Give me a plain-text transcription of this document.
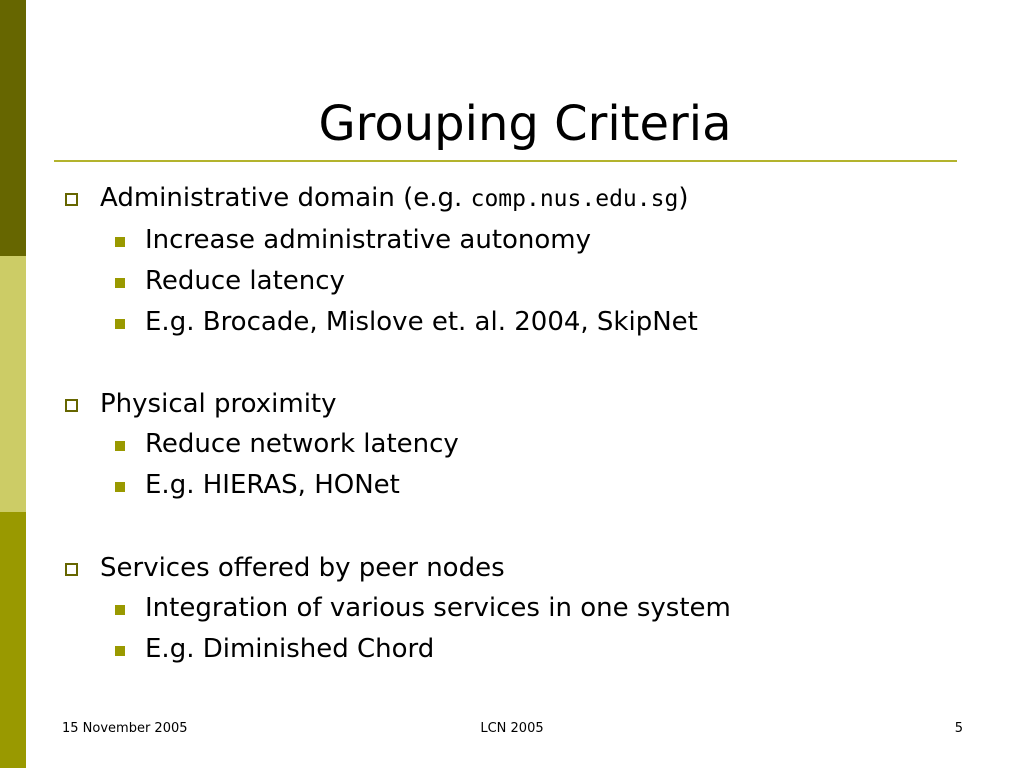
Grouping Criteria
Administrative domain (e.g. comp.nus.edu.sg)
Increase administrative autonomy
Reduce latency
E.g. Brocade, Mislove et. al. 2004, SkipNet
Physical proximity
Reduce network latency
E.g. HIERAS, HONet
Services offered by peer nodes
Integration of various services in one system
E.g. Diminished Chord
15 November 2005	LCN 2005	5
